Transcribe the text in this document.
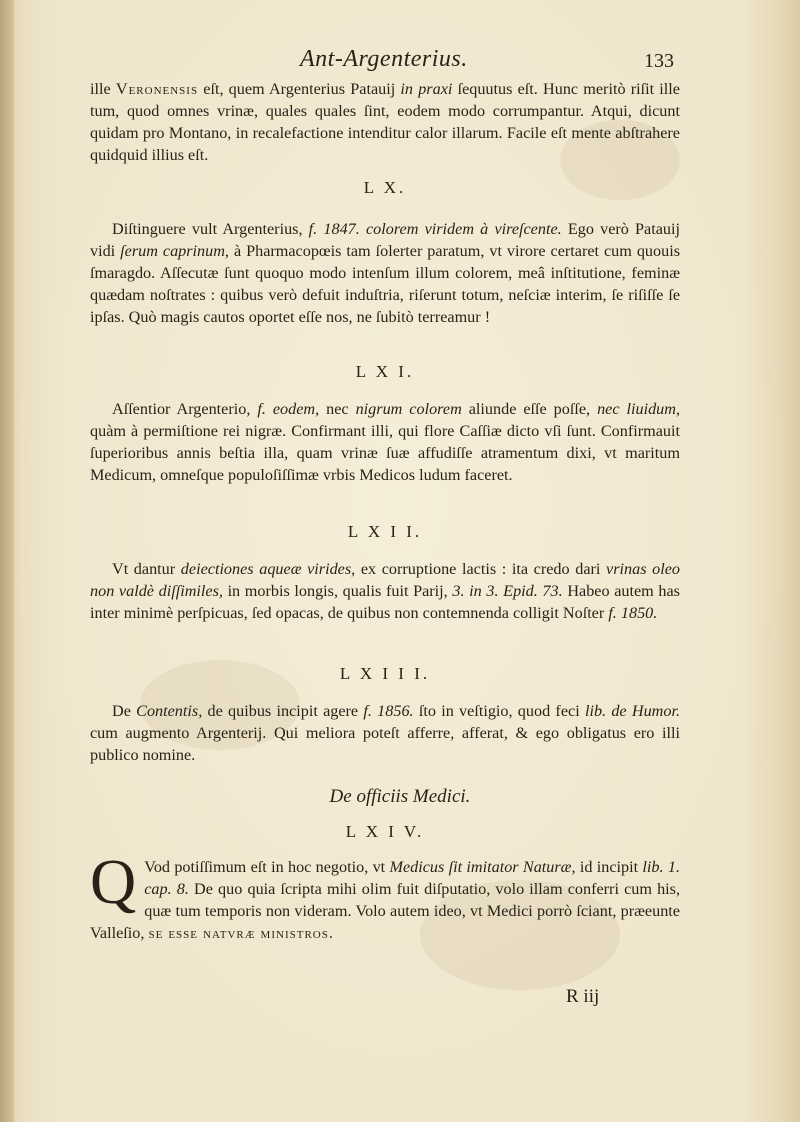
Ant-Argenterius.	133

ille Veronensis eſt, quem Argenterius Patauij in praxi ſequutus eſt. Hunc meritò riſit ille tum, quod omnes vrinæ, quales quales ſint, eodem modo corrumpantur. Atqui, dicunt quidam pro Montano, in recalefactione intenditur calor illarum. Facile eſt mente abſtrahere quidquid illius eſt.

L X.

Diſtinguere vult Argenterius, f. 1847. colorem viridem à vireſcente. Ego verò Patauij vidi ſerum caprinum, à Pharmacopœis tam ſolerter paratum, vt virore certaret cum quouis ſmaragdo. Aſſecutæ ſunt quoquo modo intenſum illum colorem, meâ inſtitutione, feminæ quædam noſtrates : quibus verò defuit induſtria, riſerunt totum, neſciæ interim, ſe riſiſſe ſe ipſas. Quò magis cautos oportet eſſe nos, ne ſubitò terreamur !

L X I.

Aſſentior Argenterio, f. eodem, nec nigrum colorem aliunde eſſe poſſe, nec liuidum, quàm à permiſtione rei nigræ. Confirmant illi, qui flore Caſſiæ dicto vſi ſunt. Confirmauit ſuperioribus annis beſtia illa, quam vrinæ ſuæ affudiſſe atramentum dixi, vt maritum Medicum, omneſque populoſiſſimæ vrbis Medicos ludum faceret.

L X I I.

Vt dantur deiectiones aqueæ virides, ex corruptione lactis : ita credo dari vrinas oleo non valdè diſſimiles, in morbis longis, qualis fuit Parij, 3. in 3. Epid. 73. Habeo autem has inter minimè perſpicuas, ſed opacas, de quibus non contemnenda colligit Noſter f. 1850.

L X I I I.

De Contentis, de quibus incipit agere f. 1856. ſto in veſtigio, quod feci lib. de Humor. cum augmento Argenterij. Qui meliora poteſt afferre, afferat, & ego obligatus ero illi publico nomine.

De officiis Medici.

L X I V.

Q Vod potiſſimum eſt in hoc negotio, vt Medicus ſit imitator Naturæ, id incipit lib. 1. cap. 8. De quo quia ſcripta mihi olim fuit diſputatio, volo illam conferri cum his, quæ tum temporis non videram. Volo autem ideo, vt Medici porrò ſciant, præeunte Valleſio, se esse natvræ ministros.

R iij
